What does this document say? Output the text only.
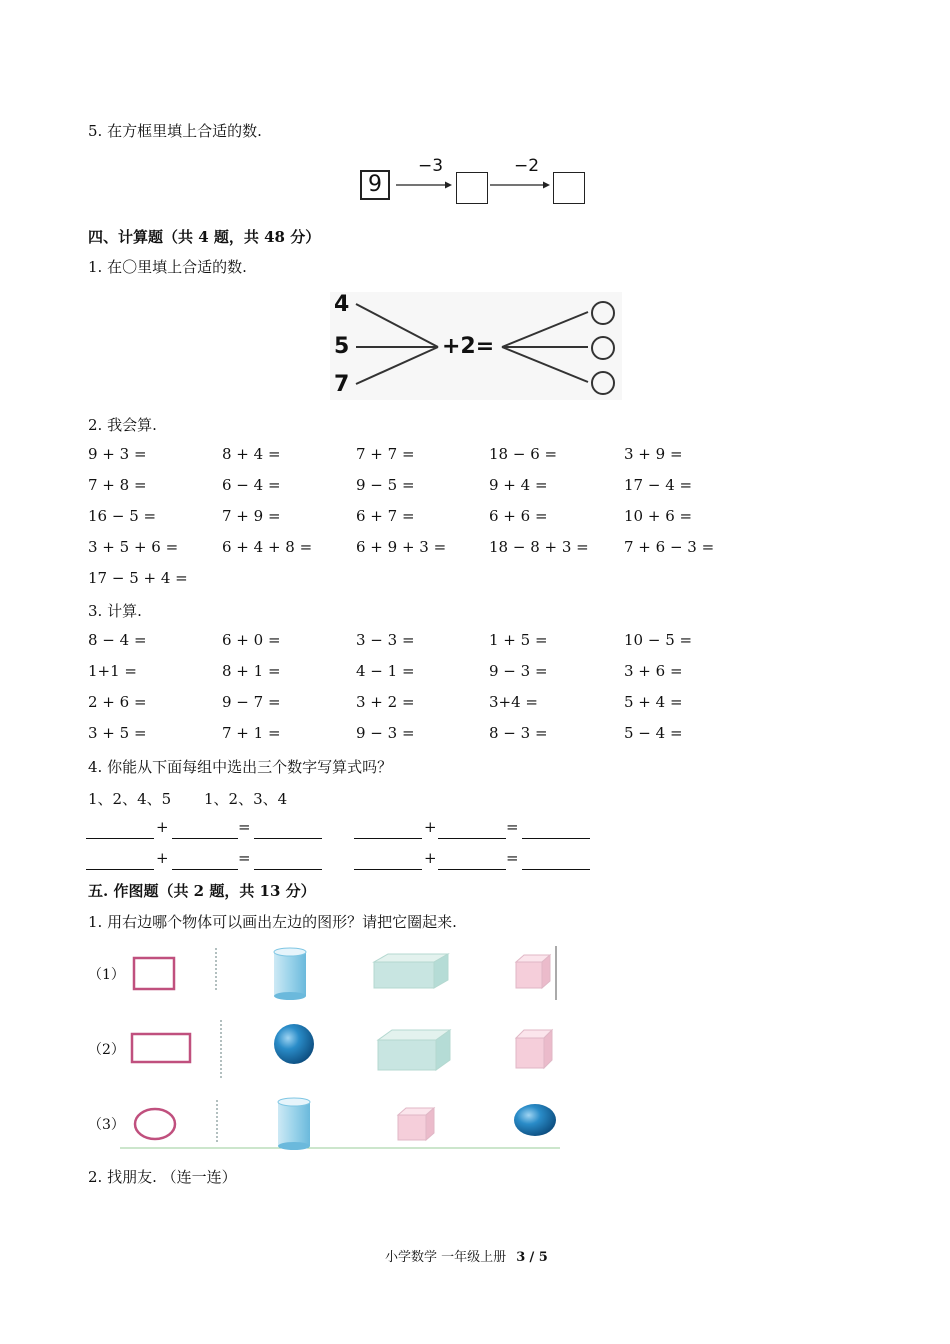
5. 在方框里填上合适的数.
9
−3	−2
四、计算题（共 4 题，共 48 分）
1. 在〇里填上合适的数.
4
5
7
+2=
2. 我会算.
9 + 3 =	8 + 4 =	7 + 7 =	18 − 6 =	3 + 9 =
7 + 8 =	6 − 4 =	9 − 5 =	9 + 4 =	17 − 4 =
16 − 5 =	7 + 9 =	6 + 7 =	6 + 6 =	10 + 6 =
3 + 5 + 6 =	6 + 4 + 8 =	6 + 9 + 3 =	18 − 8 + 3 = 7 + 6 − 3 =
17 − 5 + 4 =
3. 计算.
8 − 4 =	6 + 0 =	3 − 3 =	1 + 5 =	10 − 5 =
1+1 =	8 + 1 =	4 − 1 =	9 − 3 =	3 + 6 =
2 + 6 =	9 − 7 =	3 + 2 =	3+4 =	5 + 4 =
3 + 5 =	7 + 1 =	9 − 3 =	8 − 3 =	5 − 4 =
4. 你能从下面每组中选出三个数字写算式吗？
1、2、4、5 1、2、3、4
+	=	+	=
+	=	+	=
五. 作图题（共 2 题，共 13 分）
1. 用右边哪个物体可以画出左边的图形？请把它圈起来.
（1）
（2）
（3）
2. 找朋友. （连一连）
小学数学 一年级上册 3 / 5
